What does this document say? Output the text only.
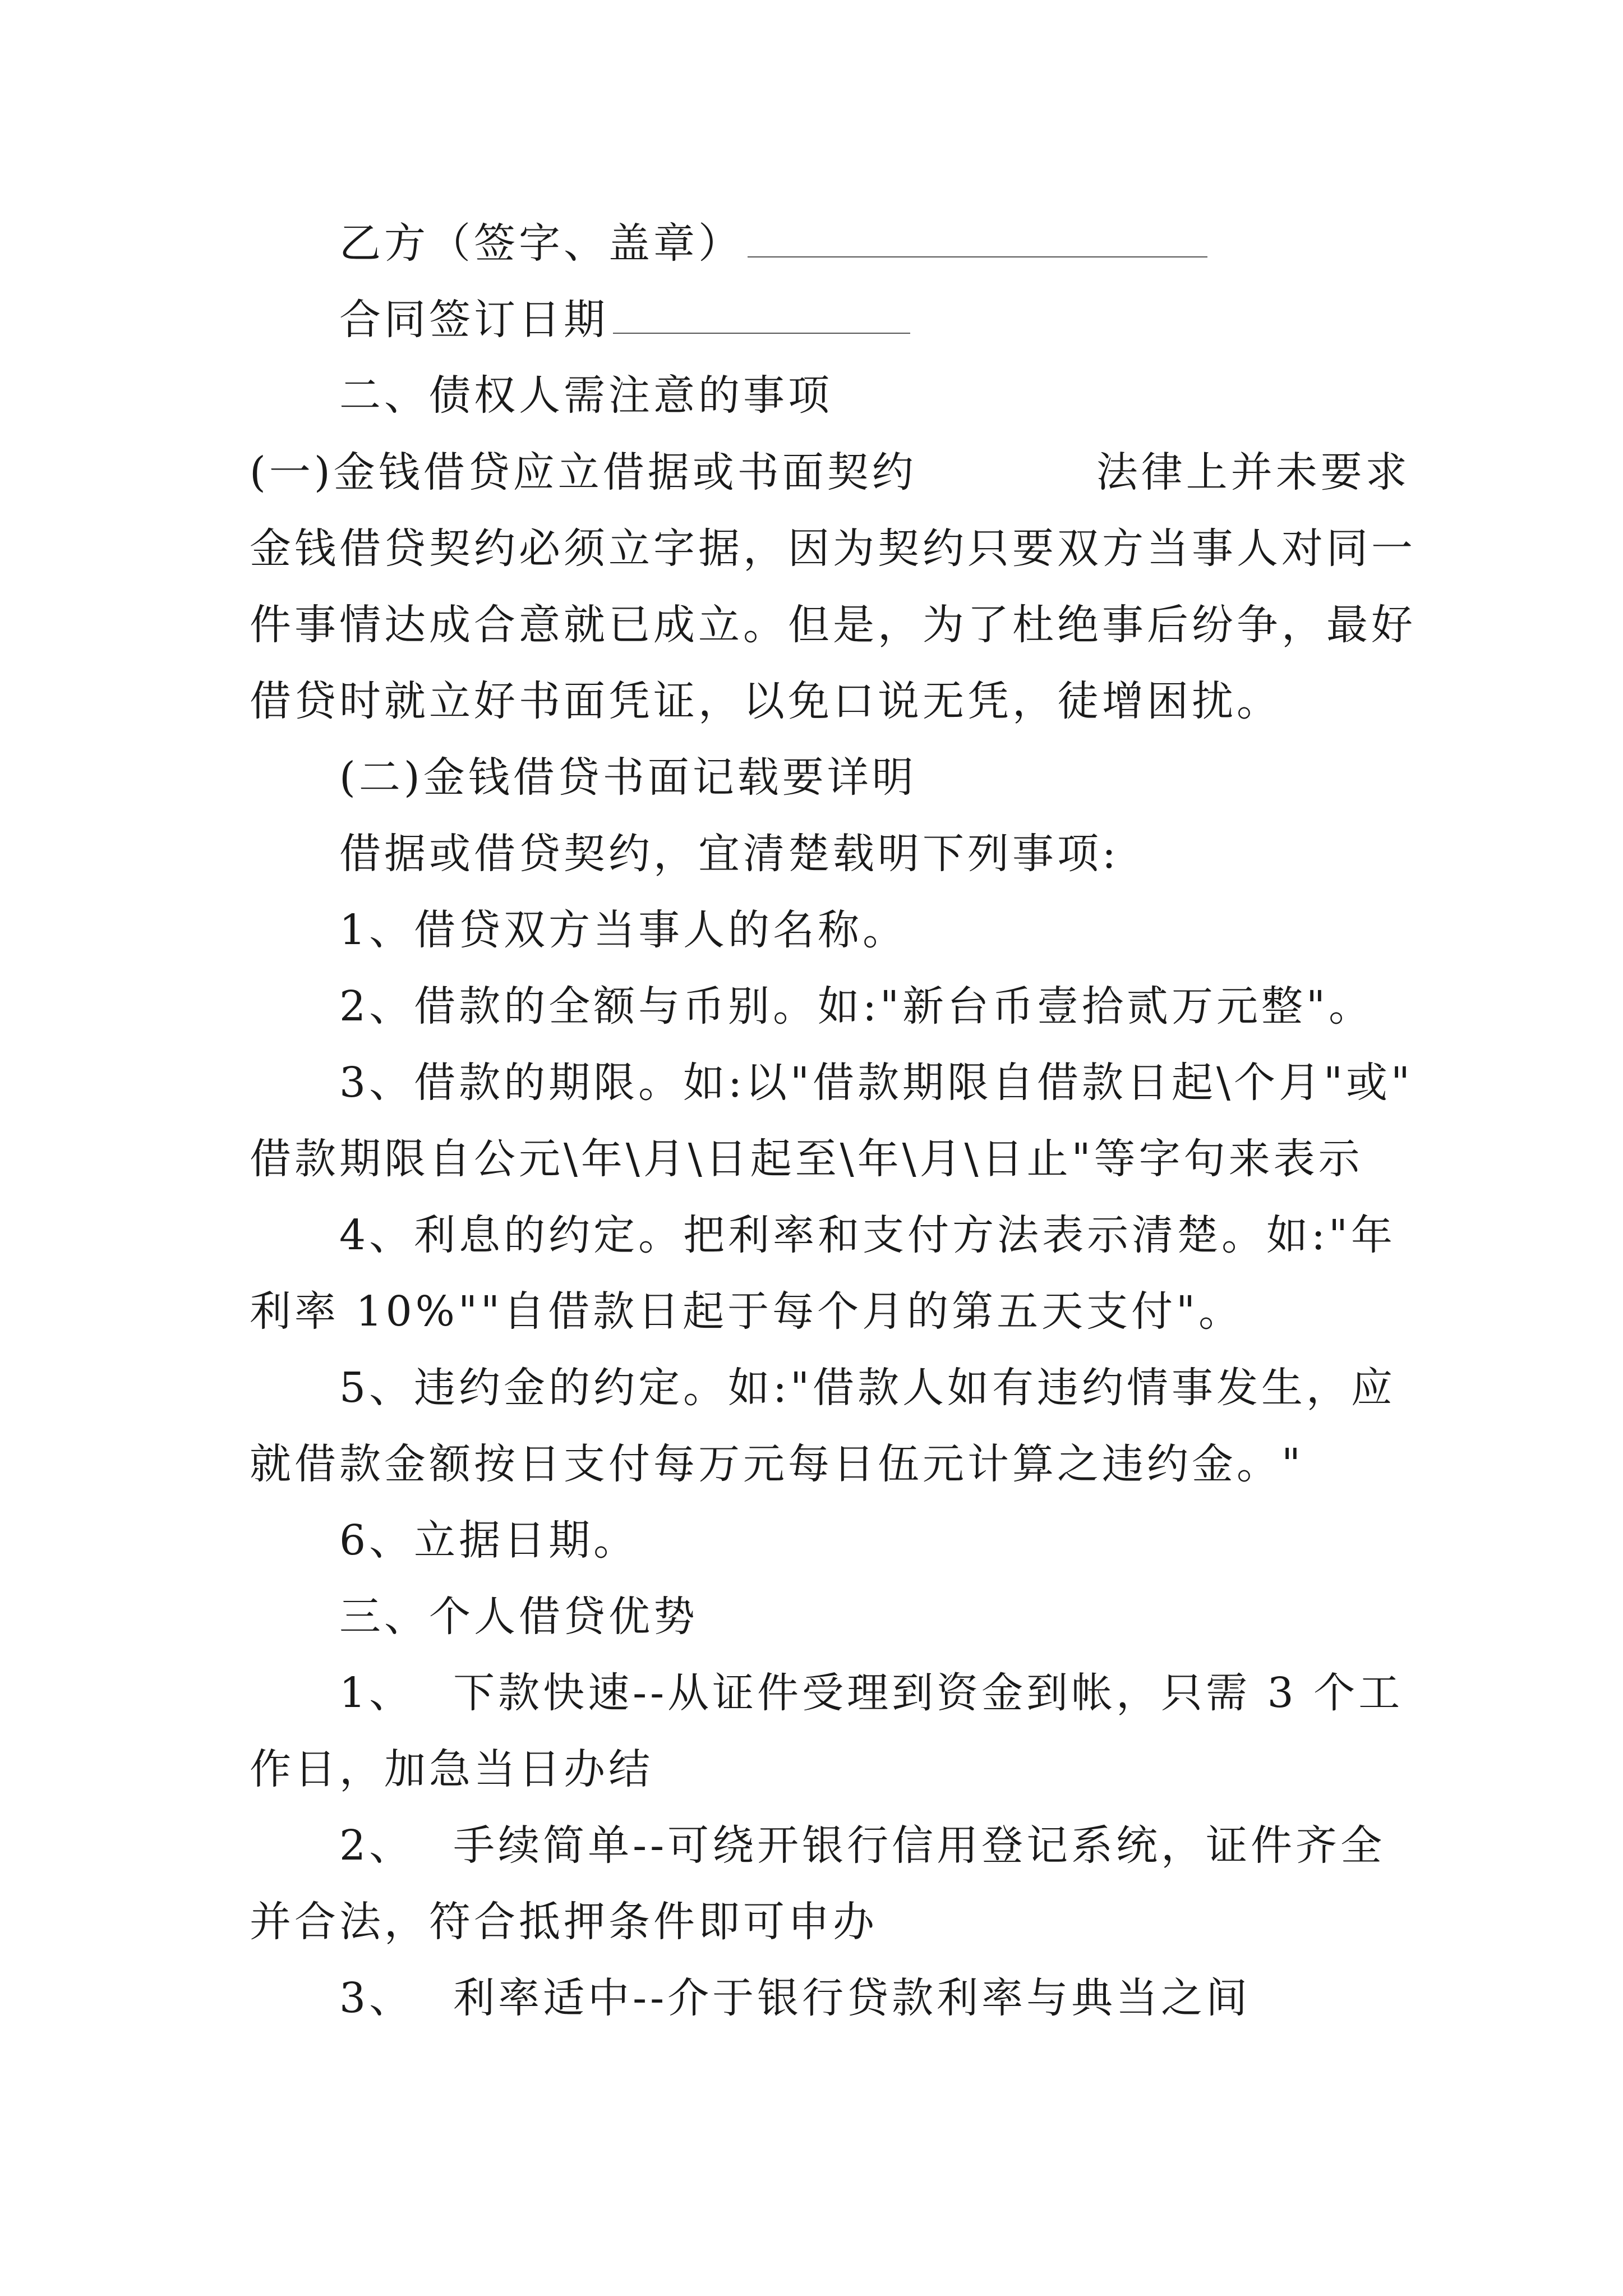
乙方（签字、盖章）
合同签订日期
二、债权人需注意的事项
(一)金钱借贷应立借据或书面契约	法律上并未要求
金钱借贷契约必须立字据，因为契约只要双方当事人对同一
件事情达成合意就已成立。但是，为了杜绝事后纷争，最好
借贷时就立好书面凭证，以免口说无凭，徒增困扰。
(二)金钱借贷书面记载要详明
借据或借贷契约，宜清楚载明下列事项:
1、借贷双方当事人的名称。
2、借款的全额与币别。如:"新台币壹拾贰万元整"。
3、借款的期限。如:以"借款期限自借款日起\个月"或"
借款期限自公元\年\月\日起至\年\月\日止"等字句来表示
4、利息的约定。把利率和支付方法表示清楚。如:"年
利率 10%""自借款日起于每个月的第五天支付"。
5、违约金的约定。如:"借款人如有违约情事发生，应
就借款金额按日支付每万元每日伍元计算之违约金。"
6、立据日期。
三、个人借贷优势
1、 下款快速--从证件受理到资金到帐，只需 3 个工
作日，加急当日办结
2、 手续简单--可绕开银行信用登记系统，证件齐全
并合法，符合抵押条件即可申办
3、 利率适中--介于银行贷款利率与典当之间
